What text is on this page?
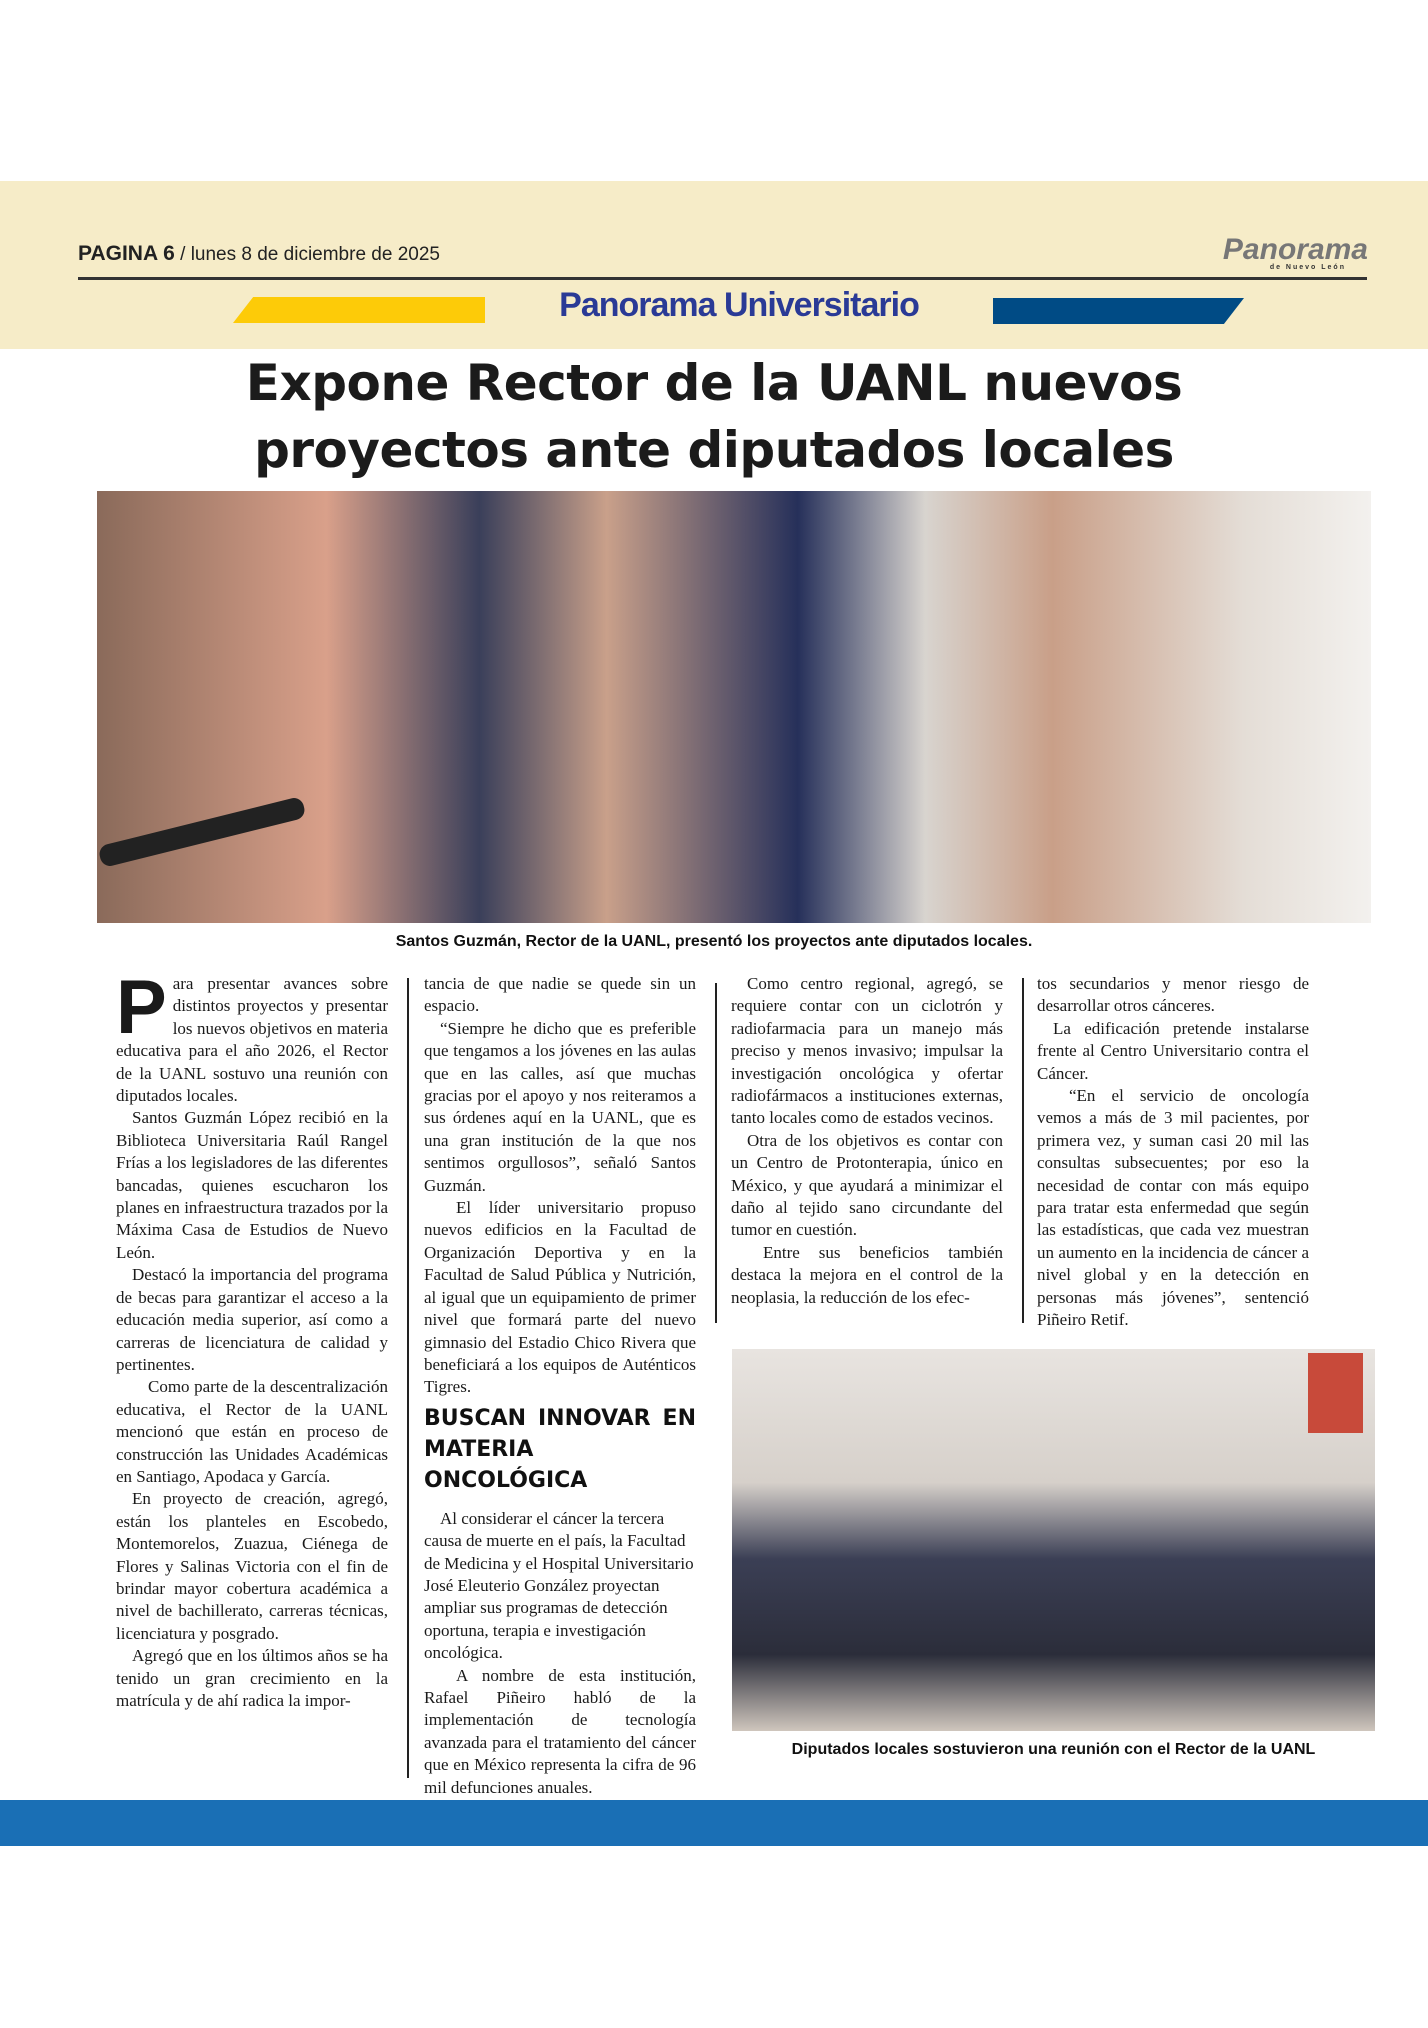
PAGINA 6 / lunes 8 de diciembre de 2025	Panorama
de Nuevo León
Panorama Universitario
Expone Rector de la UANL nuevos
proyectos ante diputados locales
Santos Guzmán, Rector de la UANL, presentó los proyectos ante diputados locales.

Para presentar avances sobre distintos proyectos y presentar los nuevos objetivos en materia educativa para el año 2026, el Rector de la UANL sostuvo una reunión con diputados locales.

Santos Guzmán López recibió en la Biblioteca Universitaria Raúl Rangel Frías a los legisladores de las diferentes bancadas, quienes escucharon los planes en infraestructura trazados por la Máxima Casa de Estudios de Nuevo León.

Destacó la importancia del programa de becas para garantizar el acceso a la educación media superior, así como a carreras de licenciatura de calidad y pertinentes.

Como parte de la descentralización educativa, el Rector de la UANL mencionó que están en proceso de construcción las Unidades Académicas en Santiago, Apodaca y García.

En proyecto de creación, agregó, están los planteles en Escobedo, Montemorelos, Zuazua, Ciénega de Flores y Salinas Victoria con el fin de brindar mayor cobertura académica a nivel de bachillerato, carreras técnicas, licenciatura y posgrado.

Agregó que en los últimos años se ha tenido un gran crecimiento en la matrícula y de ahí radica la impor-

tancia de que nadie se quede sin un espacio.

“Siempre he dicho que es preferible que tengamos a los jóvenes en las aulas que en las calles, así que muchas gracias por el apoyo y nos reiteramos a sus órdenes aquí en la UANL, que es una gran institución de la que nos sentimos orgullosos”, señaló Santos Guzmán.

El líder universitario propuso nuevos edificios en la Facultad de Organización Deportiva y en la Facultad de Salud Pública y Nutrición, al igual que un equipamiento de primer nivel que formará parte del nuevo gimnasio del Estadio Chico Rivera que beneficiará a los equipos de Auténticos Tigres.

BUSCAN INNOVAR EN MATERIA ONCOLÓGICA

Al considerar el cáncer la tercera causa de muerte en el país, la Facultad de Medicina y el Hospital Universitario José Eleuterio González proyectan ampliar sus programas de detección oportuna, terapia e investigación oncológica.

A nombre de esta institución, Rafael Piñeiro habló de la implementación de tecnología avanzada para el tratamiento del cáncer que en México representa la cifra de 96 mil defunciones anuales.

Como centro regional, agregó, se requiere contar con un ciclotrón y radiofarmacia para un manejo más preciso y menos invasivo; impulsar la investigación oncológica y ofertar radiofármacos a instituciones externas, tanto locales como de estados vecinos.

Otra de los objetivos es contar con un Centro de Protonterapia, único en México, y que ayudará a minimizar el daño al tejido sano circundante del tumor en cuestión.

Entre sus beneficios también destaca la mejora en el control de la neoplasia, la reducción de los efec-

tos secundarios y menor riesgo de desarrollar otros cánceres.

La edificación pretende instalarse frente al Centro Universitario contra el Cáncer.

“En el servicio de oncología vemos a más de 3 mil pacientes, por primera vez, y suman casi 20 mil las consultas subsecuentes; por eso la necesidad de contar con más equipo para tratar esta enfermedad que según las estadísticas, que cada vez muestran un aumento en la incidencia de cáncer a nivel global y en la detección en personas más jóvenes”, sentenció Piñeiro Retif.

Diputados locales sostuvieron una reunión con el Rector de la UANL
